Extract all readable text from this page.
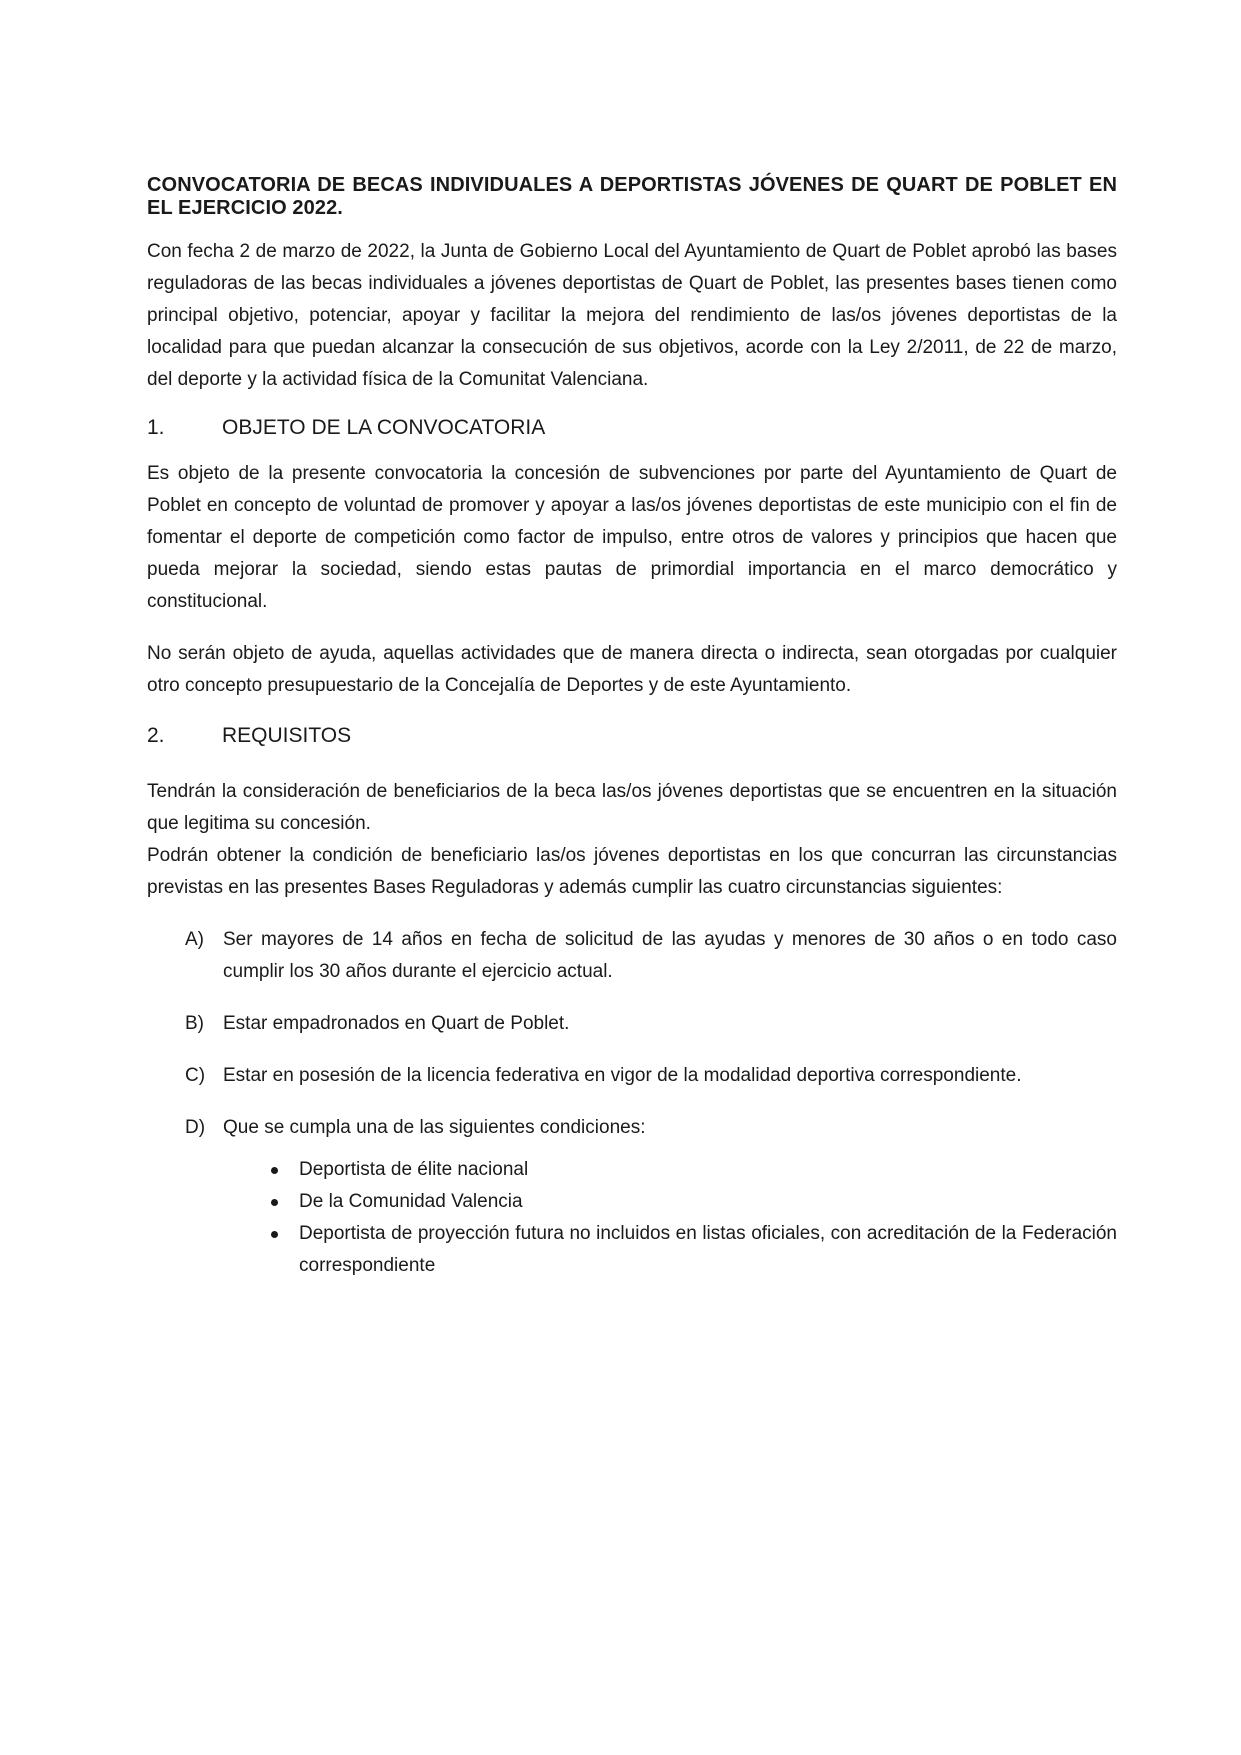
CONVOCATORIA DE BECAS INDIVIDUALES A DEPORTISTAS JÓVENES DE QUART DE POBLET EN EL EJERCICIO 2022.

Con fecha 2 de marzo de 2022, la Junta de Gobierno Local del Ayuntamiento de Quart de Poblet aprobó las bases reguladoras de las becas individuales a jóvenes deportistas de Quart de Poblet, las presentes bases tienen como principal objetivo, potenciar, apoyar y facilitar la mejora del rendimiento de las/os jóvenes deportistas de la localidad para que puedan alcanzar la consecución de sus objetivos, acorde con la Ley 2/2011, de 22 de marzo, del deporte y la actividad física de la Comunitat Valenciana.

1.	OBJETO DE LA CONVOCATORIA

Es objeto de la presente convocatoria la concesión de subvenciones por parte del Ayuntamiento de Quart de Poblet en concepto de voluntad de promover y apoyar a las/os jóvenes deportistas de este municipio con el fin de fomentar el deporte de competición como factor de impulso, entre otros de valores y principios que hacen que pueda mejorar la sociedad, siendo estas pautas de primordial importancia en el marco democrático y constitucional.

No serán objeto de ayuda, aquellas actividades que de manera directa o indirecta, sean otorgadas por cualquier otro concepto presupuestario de la Concejalía de Deportes y de este Ayuntamiento.

2.	REQUISITOS

Tendrán la consideración de beneficiarios de la beca las/os jóvenes deportistas que se encuentren en la situación que legitima su concesión.

Podrán obtener la condición de beneficiario las/os jóvenes deportistas en los que concurran las circunstancias previstas en las presentes Bases Reguladoras y además cumplir las cuatro circunstancias siguientes:

A)	Ser mayores de 14 años en fecha de solicitud de las ayudas y menores de 30 años o en todo caso cumplir los 30 años durante el ejercicio actual.
B)	Estar empadronados en Quart de Poblet.
C) Estar en posesión de la licencia federativa en vigor de la modalidad deportiva correspondiente.
D) Que se cumpla una de las siguientes condiciones:
Deportista de élite nacional
De la Comunidad Valencia
Deportista de proyección futura no incluidos en listas oficiales, con acreditación de la Federación correspondiente
